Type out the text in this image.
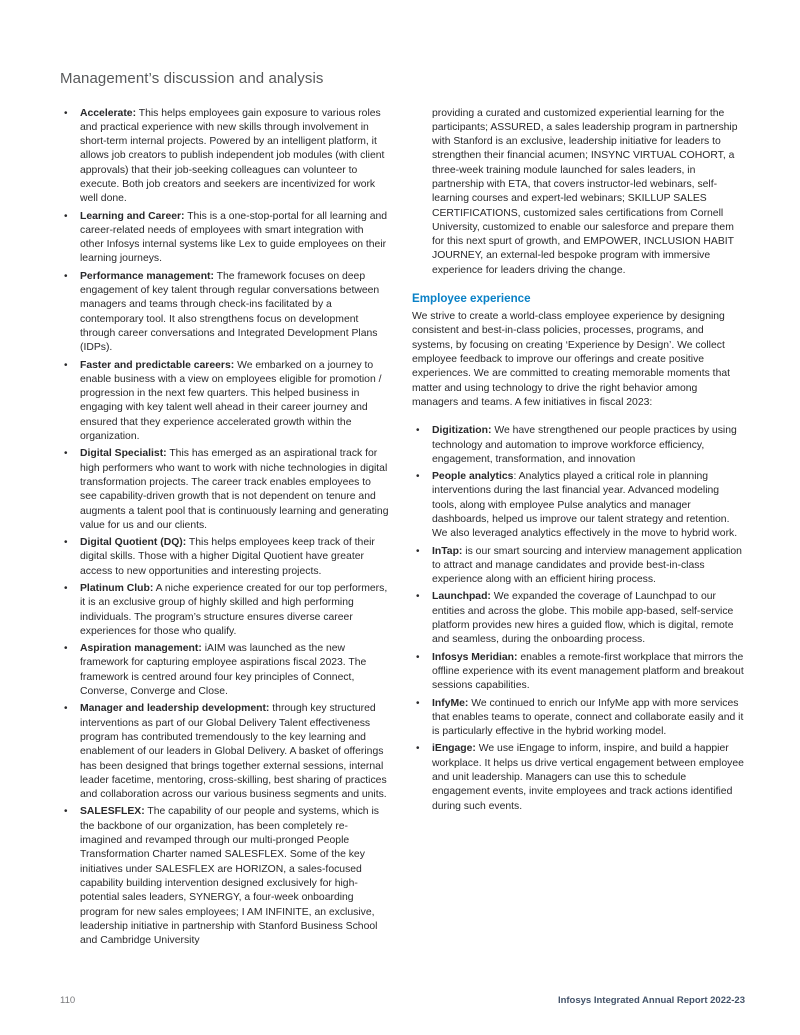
Management’s discussion and analysis
• Accelerate: This helps employees gain exposure to various roles and practical experience with new skills through involvement in short-term internal projects. Powered by an intelligent platform, it allows job creators to publish independent job modules (with client approvals) that their job-seeking colleagues can volunteer to execute. Both job creators and seekers are incentivized for work well done.
• Learning and Career: This is a one-stop-portal for all learning and career-related needs of employees with smart integration with other Infosys internal systems like Lex to guide employees on their learning journeys.
• Performance management: The framework focuses on deep engagement of key talent through regular conversations between managers and teams through check-ins facilitated by a contemporary tool. It also strengthens focus on development through career conversations and Integrated Development Plans (IDPs).
• Faster and predictable careers: We embarked on a journey to enable business with a view on employees eligible for promotion / progression in the next few quarters. This helped business in engaging with key talent well ahead in their career journey and ensured that they experience accelerated growth within the organization.
• Digital Specialist: This has emerged as an aspirational track for high performers who want to work with niche technologies in digital transformation projects. The career track enables employees to see capability-driven growth that is not dependent on tenure and augments a talent pool that is continuously learning and generating value for us and our clients.
• Digital Quotient (DQ): This helps employees keep track of their digital skills. Those with a higher Digital Quotient have greater access to new opportunities and interesting projects.
• Platinum Club: A niche experience created for our top performers, it is an exclusive group of highly skilled and high performing individuals. The program’s structure ensures diverse career experiences for those who qualify.
• Aspiration management: iAIM was launched as the new framework for capturing employee aspirations fiscal 2023. The framework is centred around four key principles of Connect, Converse, Converge and Close.
• Manager and leadership development: through key structured interventions as part of our Global Delivery Talent effectiveness program has contributed tremendously to the key learning and enablement of our leaders in Global Delivery. A basket of offerings has been designed that brings together external sessions, internal leader facetime, mentoring, cross-skilling, best sharing of practices and collaboration across our various business segments and units.
• SALESFLEX: The capability of our people and systems, which is the backbone of our organization, has been completely re-imagined and revamped through our multi-pronged People Transformation Charter named SALESFLEX. Some of the key initiatives under SALESFLEX are HORIZON, a sales-focused capability building intervention designed exclusively for high-potential sales leaders, SYNERGY, a four-week onboarding program for new sales employees; I AM INFINITE, an exclusive, leadership initiative in partnership with Stanford Business School and Cambridge University

providing a curated and customized experiential learning for the participants; ASSURED, a sales leadership program in partnership with Stanford is an exclusive, leadership initiative for leaders to strengthen their financial acumen; INSYNC VIRTUAL COHORT, a three-week training module launched for sales leaders, in partnership with ETA, that covers instructor-led webinars, self-learning courses and expert-led webinars; SKILLUP SALES CERTIFICATIONS, customized sales certifications from Cornell University, customized to enable our salesforce and prepare them for this next spurt of growth, and EMPOWER, INCLUSION HABIT JOURNEY, an external-led bespoke program with immersive experience for leaders driving the change.

Employee experience

We strive to create a world-class employee experience by designing consistent and best-in-class policies, processes, programs, and systems, by focusing on creating ‘Experience by Design’. We collect employee feedback to improve our offerings and create positive experiences. We are committed to creating memorable moments that matter and using technology to drive the right behavior among managers and teams. A few initiatives in fiscal 2023:

• Digitization: We have strengthened our people practices by using technology and automation to improve workforce efficiency, engagement, transformation, and innovation
• People analytics: Analytics played a critical role in planning interventions during the last financial year. Advanced modeling tools, along with employee Pulse analytics and manager dashboards, helped us improve our talent strategy and retention. We also leveraged analytics effectively in the move to hybrid work.
• InTap: is our smart sourcing and interview management application to attract and manage candidates and provide best-in-class experience along with an efficient hiring process.
• Launchpad: We expanded the coverage of Launchpad to our entities and across the globe. This mobile app-based, self-service platform provides new hires a guided flow, which is digital, remote and seamless, during the onboarding process.
• Infosys Meridian: enables a remote-first workplace that mirrors the offline experience with its event management platform and breakout sessions capabilities.
• InfyMe: We continued to enrich our InfyMe app with more services that enables teams to operate, connect and collaborate easily and it is particularly effective in the hybrid working model.
• iEngage: We use iEngage to inform, inspire, and build a happier workplace. It helps us drive vertical engagement between employee and unit leadership. Managers can use this to schedule engagement events, invite employees and track actions identified during such events.
110	Infosys Integrated Annual Report 2022-23
